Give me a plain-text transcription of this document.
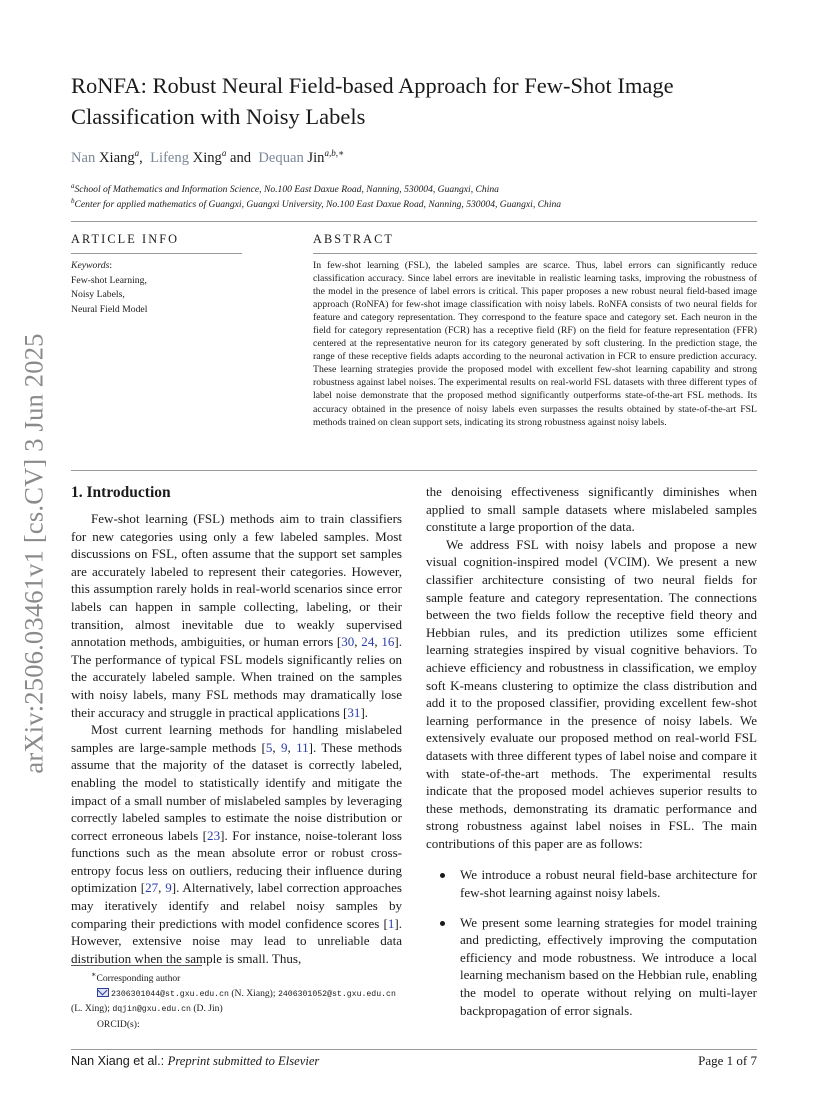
arXiv:2506.03461v1 [cs.CV] 3 Jun 2025
RoNFA: Robust Neural Field-based Approach for Few-Shot Image Classification with Noisy Labels
Nan Xiang$^a$,  Lifeng Xing$^a$ and  Dequan Jin$^{a,b,∗}$
$^a$School of Mathematics and Information Science, No.100 East Daxue Road, Nanning, 530004, Guangxi, China
$^b$Center for applied mathematics of Guangxi, Guangxi University, No.100 East Daxue Road, Nanning, 530004, Guangxi, China
ARTICLE INFO
Keywords:
Few-shot Learning,
Noisy Labels,
Neural Field Model
ABSTRACT

In few-shot learning (FSL), the labeled samples are scarce. Thus, label errors can significantly reduce classification accuracy. Since label errors are inevitable in realistic learning tasks, improving the robustness of the model in the presence of label errors is critical. This paper proposes a new robust neural field-based image approach (RoNFA) for few-shot image classification with noisy labels. RoNFA consists of two neural fields for feature and category representation. They correspond to the feature space and category set. Each neuron in the field for category representation (FCR) has a receptive field (RF) on the field for feature representation (FFR) centered at the representative neuron for its category generated by soft clustering. In the prediction stage, the range of these receptive fields adapts according to the neuronal activation in FCR to ensure prediction accuracy. These learning strategies provide the proposed model with excellent few-shot learning capability and strong robustness against label noises. The experimental results on real-world FSL datasets with three different types of label noise demonstrate that the proposed method significantly outperforms state-of-the-art FSL methods. Its accuracy obtained in the presence of noisy labels even surpasses the results obtained by state-of-the-art FSL methods trained on clean support sets, indicating its strong robustness against noisy labels.

1. Introduction

Few-shot learning (FSL) methods aim to train classifiers for new categories using only a few labeled samples. Most discussions on FSL, often assume that the support set samples are accurately labeled to represent their categories. However, this assumption rarely holds in real-world scenarios since error labels can happen in sample collecting, labeling, or their transition, almost inevitable due to weakly supervised annotation methods, ambiguities, or human errors [30, 24, 16]. The performance of typical FSL models significantly relies on the accurately labeled sample. When trained on the samples with noisy labels, many FSL methods may dramatically lose their accuracy and struggle in practical applications [31].

Most current learning methods for handling mislabeled samples are large-sample methods [5, 9, 11]. These methods assume that the majority of the dataset is correctly labeled, enabling the model to statistically identify and mitigate the impact of a small number of mislabeled samples by leveraging correctly labeled samples to estimate the noise distribution or correct erroneous labels [23]. For instance, noise-tolerant loss functions such as the mean absolute error or robust cross-entropy focus less on outliers, reducing their influence during optimization [27, 9]. Alternatively, label correction approaches may iteratively identify and relabel noisy samples by comparing their predictions with model confidence scores [1]. However, extensive noise may lead to unreliable data distribution when the sample is small. Thus,

the denoising effectiveness significantly diminishes when applied to small sample datasets where mislabeled samples constitute a large proportion of the data.

We address FSL with noisy labels and propose a new visual cognition-inspired model (VCIM). We present a new classifier architecture consisting of two neural fields for sample feature and category representation. The connections between the two fields follow the receptive field theory and Hebbian rules, and its prediction utilizes some efficient learning strategies inspired by visual cognitive behaviors. To achieve efficiency and robustness in classification, we employ soft K-means clustering to optimize the class distribution and add it to the proposed classifier, providing excellent few-shot learning performance in the presence of noisy labels. We extensively evaluate our proposed method on real-world FSL datasets with three different types of label noise and compare it with state-of-the-art methods. The experimental results indicate that the proposed model achieves superior results to these methods, demonstrating its dramatic performance and strong robustness against label noises in FSL. The main contributions of this paper are as follows:

We introduce a robust neural field-base architecture for few-shot learning against noisy labels.
We present some learning strategies for model training and predicting, effectively improving the computation efficiency and mode robustness. We introduce a local learning mechanism based on the Hebbian rule, enabling the model to operate without relying on multi-layer backpropagation of error signals.
∗Corresponding author
2306301044@st.gxu.edu.cn (N. Xiang); 2406301052@st.gxu.edu.cn
(L. Xing); dqjin@gxu.edu.cn (D. Jin)
ORCID(s):
Nan Xiang et al.: Preprint submitted to Elsevier	Page 1 of 7
